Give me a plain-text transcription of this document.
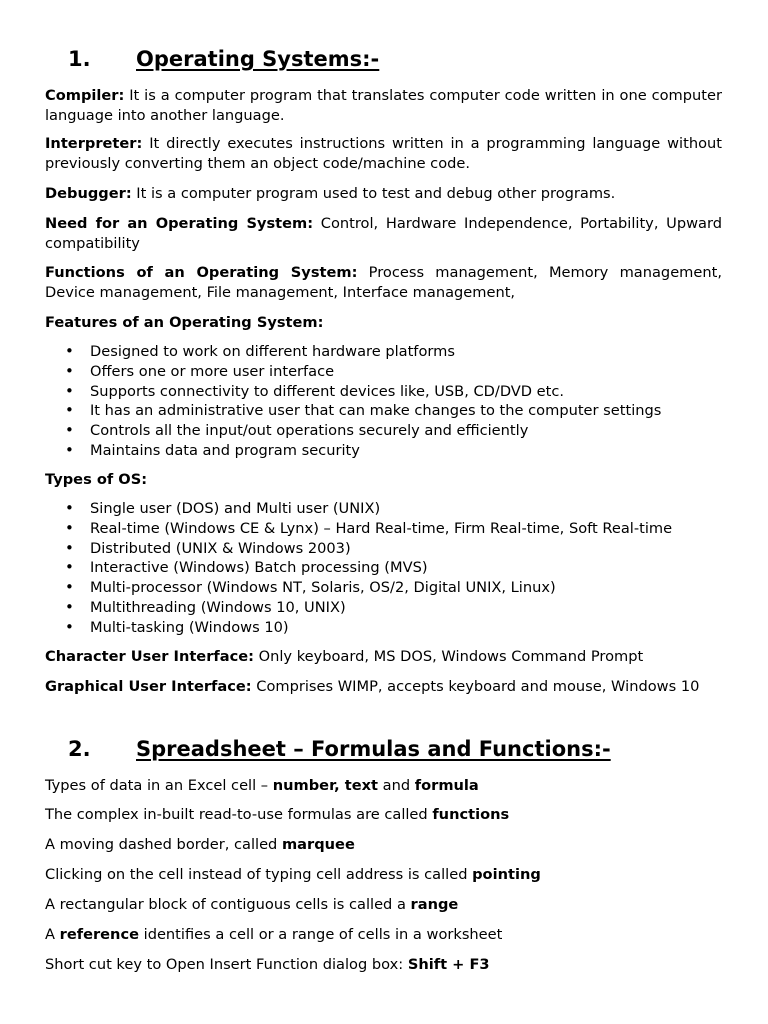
1. Operating Systems:-

Compiler: It is a computer program that translates computer code written in one computer language into another language.

Interpreter: It directly executes instructions written in a programming language without previously converting them an object code/machine code.

Debugger: It is a computer program used to test and debug other programs.

Need for an Operating System: Control, Hardware Independence, Portability, Upward compatibility

Functions of an Operating System: Process management, Memory management, Device management, File management, Interface management,

Features of an Operating System:

• Designed to work on different hardware platforms
• Offers one or more user interface
• Supports connectivity to different devices like, USB, CD/DVD etc.
• It has an administrative user that can make changes to the computer settings
• Controls all the input/out operations securely and efficiently
• Maintains data and program security

Types of OS:

• Single user (DOS) and Multi user (UNIX)
• Real-time (Windows CE & Lynx) – Hard Real-time, Firm Real-time, Soft Real-time
• Distributed (UNIX & Windows 2003)
• Interactive (Windows) Batch processing (MVS)
• Multi-processor (Windows NT, Solaris, OS/2, Digital UNIX, Linux)
• Multithreading (Windows 10, UNIX)
• Multi-tasking (Windows 10)

Character User Interface: Only keyboard, MS DOS, Windows Command Prompt

Graphical User Interface: Comprises WIMP, accepts keyboard and mouse, Windows 10

2. Spreadsheet – Formulas and Functions:-

Types of data in an Excel cell – number, text and formula

The complex in-built read-to-use formulas are called functions

A moving dashed border, called marquee

Clicking on the cell instead of typing cell address is called pointing

A rectangular block of contiguous cells is called a range

A reference identifies a cell or a range of cells in a worksheet

Short cut key to Open Insert Function dialog box: Shift + F3
